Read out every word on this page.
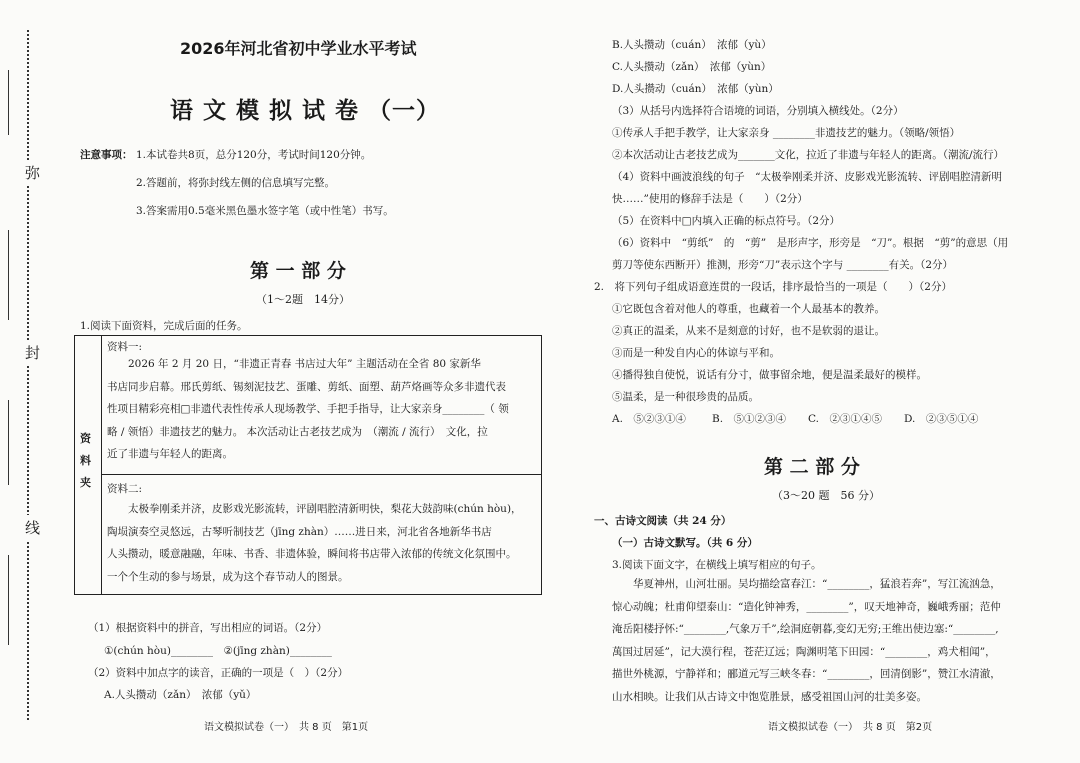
弥
封
线
2026年河北省初中学业水平考试
语 文 模 拟 试 卷 （一）
注意事项： 1.本试卷共8页，总分120分，考试时间120分钟。
2.答题前，将弥封线左侧的信息填写完整。
3.答案需用0.5毫米黑色墨水签字笔（或中性笔）书写。
第 一 部 分
（1～2题　14分）
1.阅读下面资料，完成后面的任务。
资
料
夹
资料一:
　　2026 年 2 月 20 日，“非遗正青春 书店过大年” 主题活动在全省 80 家新华
书店同步启幕。邢氏剪纸、锡刻泥技艺、蛋雕、剪纸、面塑、葫芦烙画等众多非遗代表
性项目精彩亮相□非遗代表性传承人现场教学、手把手指导，让大家亲身________（ 领
略 / 领悟）非遗技艺的魅力。 本次活动让古老技艺成为　（潮流 / 流行）　文化，拉
近了非遗与年轻人的距离。
资料二:
　　太极拳刚柔并济，皮影戏光影流转，评剧唱腔清新明快，梨花大鼓韵味(chún hòu)，
陶埙演奏空灵悠远，古琴听制技艺（jīng zhàn）……进日来，河北省各地新华书店
人头攒动，暖意融融，年味、书香、非遗体验，瞬间将书店带入浓郁的传统文化氛围中。
一个个生动的参与场景，成为这个春节动人的图景。
（1）根据资料中的拼音，写出相应的词语。（2分）
①(chún hòu)________　②(jīng zhàn)________
（2）资料中加点字的读音，正确的一项是（　）（2分）
A.人头攒动（zǎn）　浓郁（yǔ）
语文模拟试卷（一）　共 8 页　第1页
B.人头攒动（cuán）　浓郁（yù）
C.人头攒动（zǎn）　浓郁（yùn）
D.人头攒动（cuán）　浓郁（yùn）
（3）从括号内选择符合语境的词语，分别填入横线处。（2分）
①传承人手把手教学，让大家亲身 ________非遗技艺的魅力。（领略/领悟）
②本次活动让古老技艺成为_______文化，拉近了非遗与年轻人的距离。（潮流/流行）
（4）资料中画波浪线的句子　“太极拳刚柔并济、皮影戏光影流转、评剧唱腔清新明
快……”使用的修辞手法是（　　）（2分）
（5）在资料中□内填入正确的标点符号。（2分）
（6）资料中　“剪纸”　的　“剪”　是形声字，形旁是　“刀”。根据　“剪”的意思（用
剪刀等使东西断开）推测，形旁“刀”表示这个字与 ________有关。（2分）
2.　将下列句子组成语意连贯的一段话，排序最恰当的一项是（　　）（2分）
①它既包含着对他人的尊重，也藏着一个人最基本的教养。
②真正的温柔，从来不是刻意的讨好，也不是软弱的退让。
③而是一种发自内心的体谅与平和。
④播得独自使悦，说话有分寸，做事留余地，便是温柔最好的模样。
⑤温柔，是一种很珍贵的品质。
A.　⑤②③①④ B.　⑤①②③④ C.　②③①④⑤ D.　②③⑤①④
第 二 部 分
（3～20 题　56 分）
一、古诗文阅读（共 24 分）
（一）古诗文默写。（共 6 分）
3.阅读下面文字，在横线上填写相应的句子。
　　华夏神州，山河壮丽。吴均描绘富春江：“________，猛浪若奔”，写江流汹急，
惊心动魄；杜甫仰望泰山：“造化钟神秀，________”，叹天地神奇，巍峨秀丽；范仲
淹岳阳楼抒怀:“________,气象万千”,绘洞庭朝暮,变幻无穷;王维出使边塞:“________,
萬国过居延”，记大漠行程，苍茫辽远；陶渊明笔下田园：“________，鸡犬相闻”，
描世外桃源，宁静祥和；郦道元写三峡冬春：“________，回清倒影”，赞江水清澈，
山水相映。让我们从古诗文中饱览胜景，感受祖国山河的壮美多姿。
语文模拟试卷（一）　共 8 页　第2页
